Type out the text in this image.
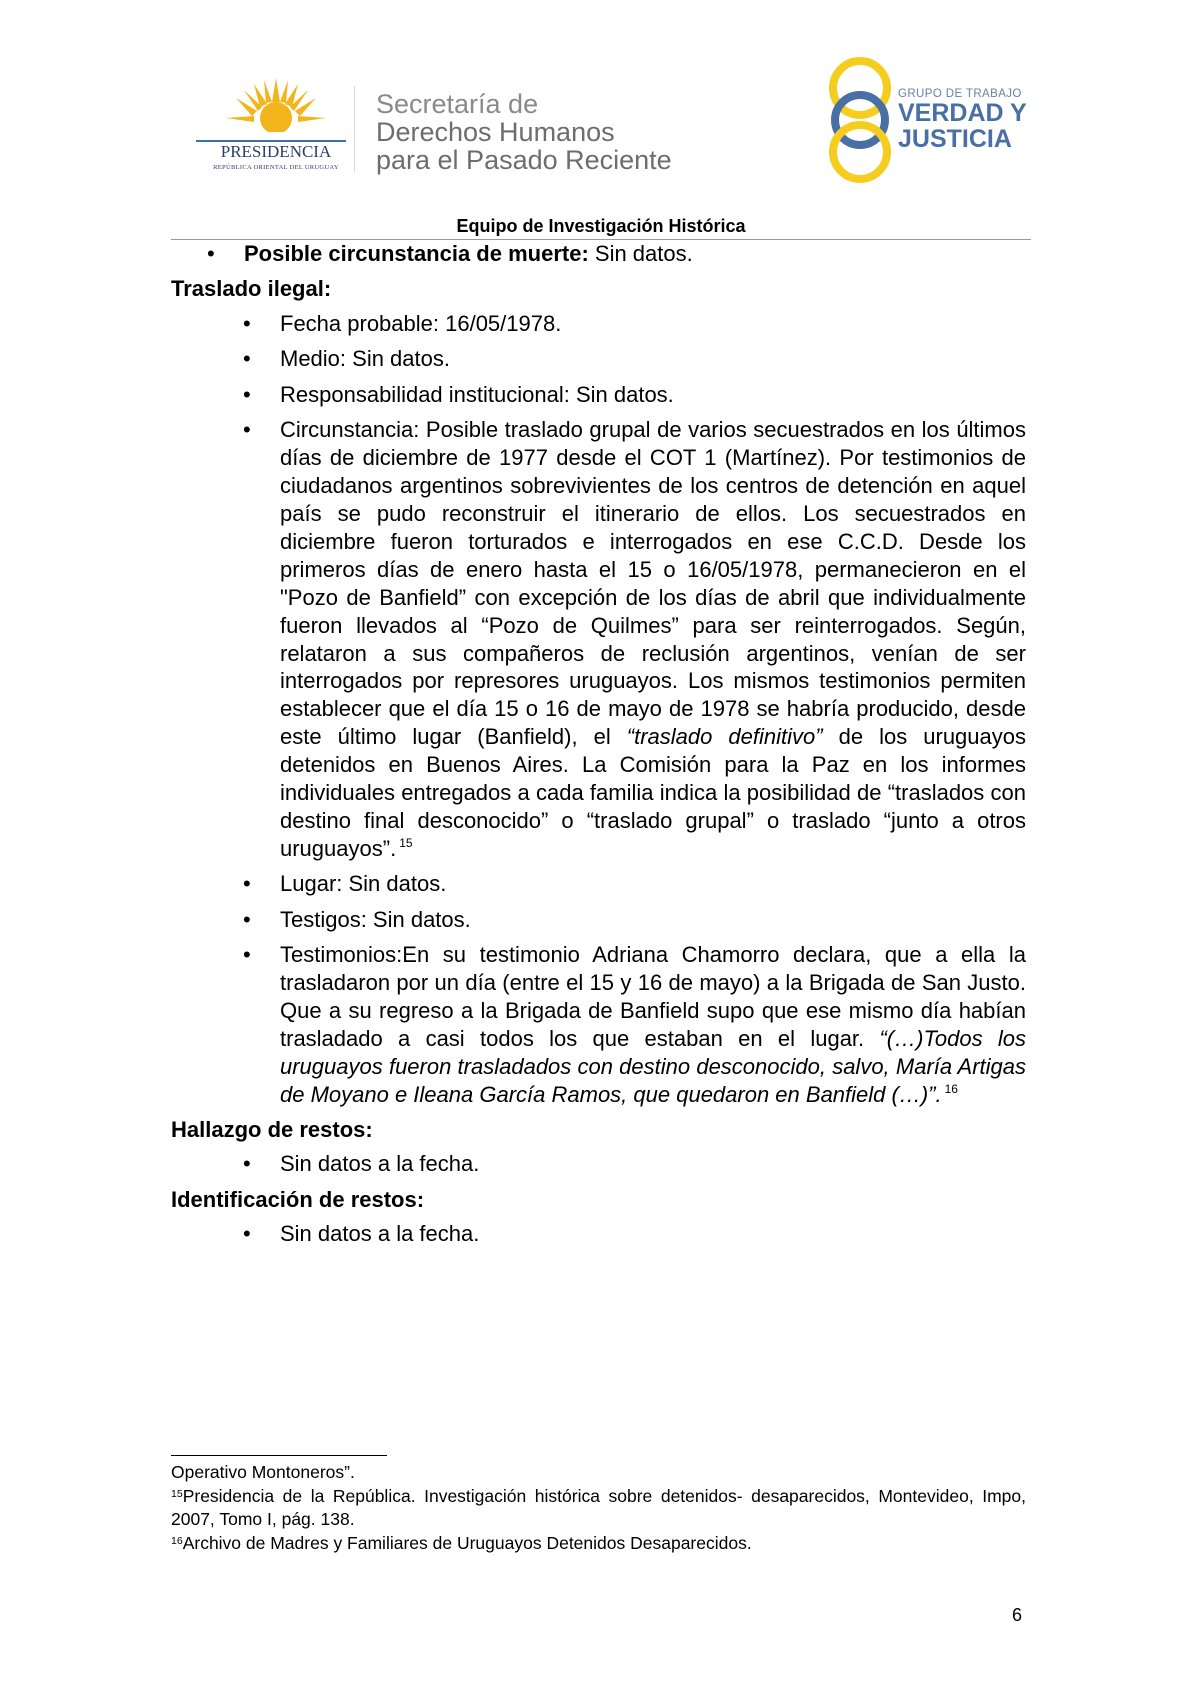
PRESIDENCIA
REPÚBLICA ORIENTAL DEL URUGUAY
Secretaría de
Derechos Humanos
para el Pasado Reciente
GRUPO DE TRABAJO
VERDAD Y
JUSTICIA
Equipo de Investigación Histórica
• Posible circunstancia de muerte: Sin datos.

Traslado ilegal:

• Fecha probable: 16/05/1978.
• Medio: Sin datos.
• Responsabilidad institucional: Sin datos.
• Circunstancia: Posible traslado grupal de varios secuestrados en los últimos días de diciembre de 1977 desde el COT 1 (Martínez). Por testimonios de ciudadanos argentinos sobrevivientes de los centros de detención en aquel país se pudo reconstruir el itinerario de ellos. Los secuestrados en diciembre fueron torturados e interrogados en ese C.C.D. Desde los primeros días de enero hasta el 15 o 16/05/1978, permanecieron en el "Pozo de Banfield” con excepción de los días de abril que individualmente fueron llevados al “Pozo de Quilmes” para ser reinterrogados. Según, relataron a sus compañeros de reclusión argentinos, venían de ser interrogados por represores uruguayos. Los mismos testimonios permiten establecer que el día 15 o 16 de mayo de 1978 se habría producido, desde este último lugar (Banfield), el “traslado definitivo” de los uruguayos detenidos en Buenos Aires. La Comisión para la Paz en los informes individuales entregados a cada familia indica la posibilidad de “traslados con destino final desconocido” o “traslado grupal” o traslado “junto a otros uruguayos”. $^{15}$
• Lugar: Sin datos.
• Testigos: Sin datos.
• Testimonios:En su testimonio Adriana Chamorro declara, que a ella la trasladaron por un día (entre el 15 y 16 de mayo) a la Brigada de San Justo. Que a su regreso a la Brigada de Banfield supo que ese mismo día habían trasladado a casi todos los que estaban en el lugar. “(…)Todos los uruguayos fueron trasladados con destino desconocido, salvo, María Artigas de Moyano e Ileana García Ramos, que quedaron en Banfield (…)”. $^{16}$

Hallazgo de restos:

• Sin datos a la fecha.

Identificación de restos:

• Sin datos a la fecha.

Operativo Montoneros”.

$^{15}$Presidencia de la República. Investigación histórica sobre detenidos- desaparecidos, Montevideo, Impo, 2007, Tomo I, pág. 138.

$^{16}$Archivo de Madres y Familiares de Uruguayos Detenidos Desaparecidos.

6
